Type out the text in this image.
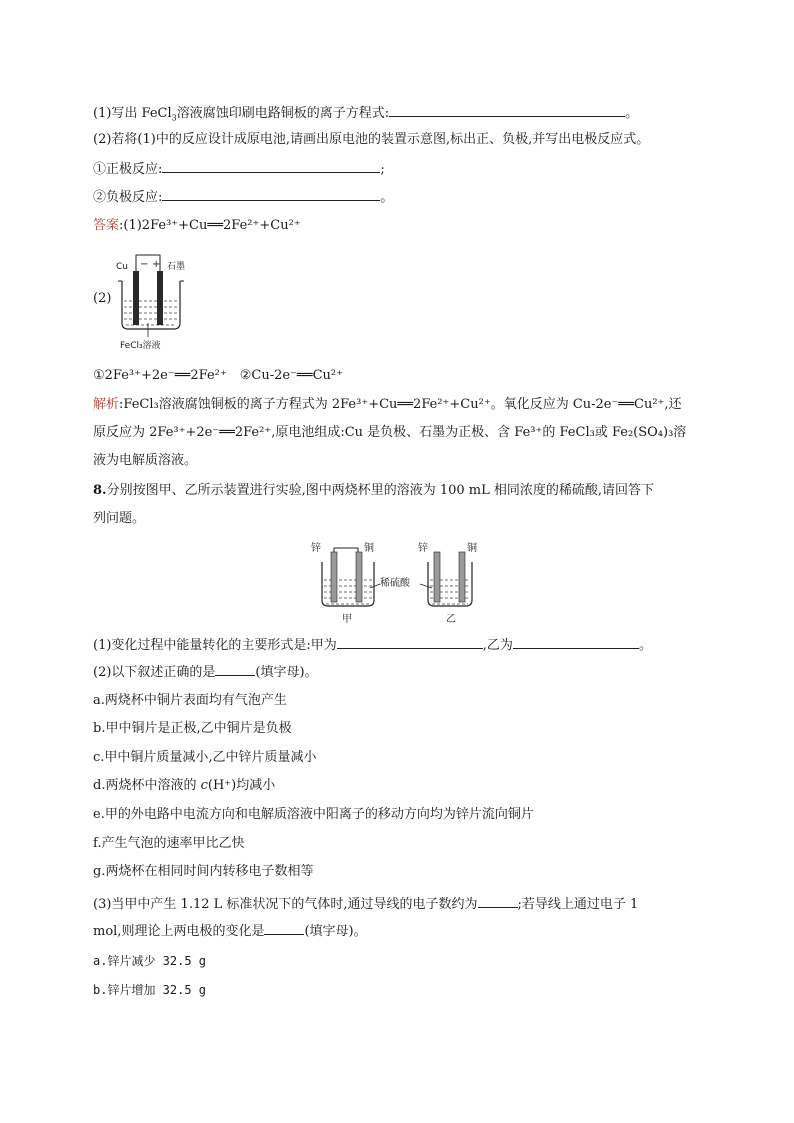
(1)写出 FeCl$_3$溶液腐蚀印刷电路铜板的离子方程式:	。
(2)若将(1)中的反应设计成原电池,请画出原电池的装置示意图,标出正、负极,并写出电极反应式。
①正极反应:	;
②负极反应:	。
答案:(1)2Fe³⁺+Cu══2Fe²⁺+Cu²⁺
(2)
Cu − + 石墨
FeCl₃溶液
①2Fe³⁺+2e⁻══2Fe²⁺　②Cu-2e⁻══Cu²⁺
解析:FeCl₃溶液腐蚀铜板的离子方程式为 2Fe³⁺+Cu══2Fe²⁺+Cu²⁺。氧化反应为 Cu-2e⁻══Cu²⁺,还
原反应为 2Fe³⁺+2e⁻══2Fe²⁺,原电池组成:Cu 是负极、石墨为正极、含 Fe³⁺的 FeCl₃或 Fe₂(SO₄)₃溶
液为电解质溶液。
8.分别按图甲、乙所示装置进行实验,图中两烧杯里的溶液为 100 mL 相同浓度的稀硫酸,请回答下
列问题。
锌	铜
稀硫酸
锌	铜
甲	乙
(1)变化过程中能量转化的主要形式是:甲为	,乙为	。
(2)以下叙述正确的是	(填字母)。
a.两烧杯中铜片表面均有气泡产生
b.甲中铜片是正极,乙中铜片是负极
c.甲中铜片质量减小,乙中锌片质量减小
d.两烧杯中溶液的 c(H⁺)均减小
e.甲的外电路中电流方向和电解质溶液中阳离子的移动方向均为锌片流向铜片
f.产生气泡的速率甲比乙快
g.两烧杯在相同时间内转移电子数相等
(3)当甲中产生 1.12 L 标准状况下的气体时,通过导线的电子数约为	;若导线上通过电子 1
mol,则理论上两电极的变化是	(填字母)。
a.锌片减少 32.5 g
b.锌片增加 32.5 g
